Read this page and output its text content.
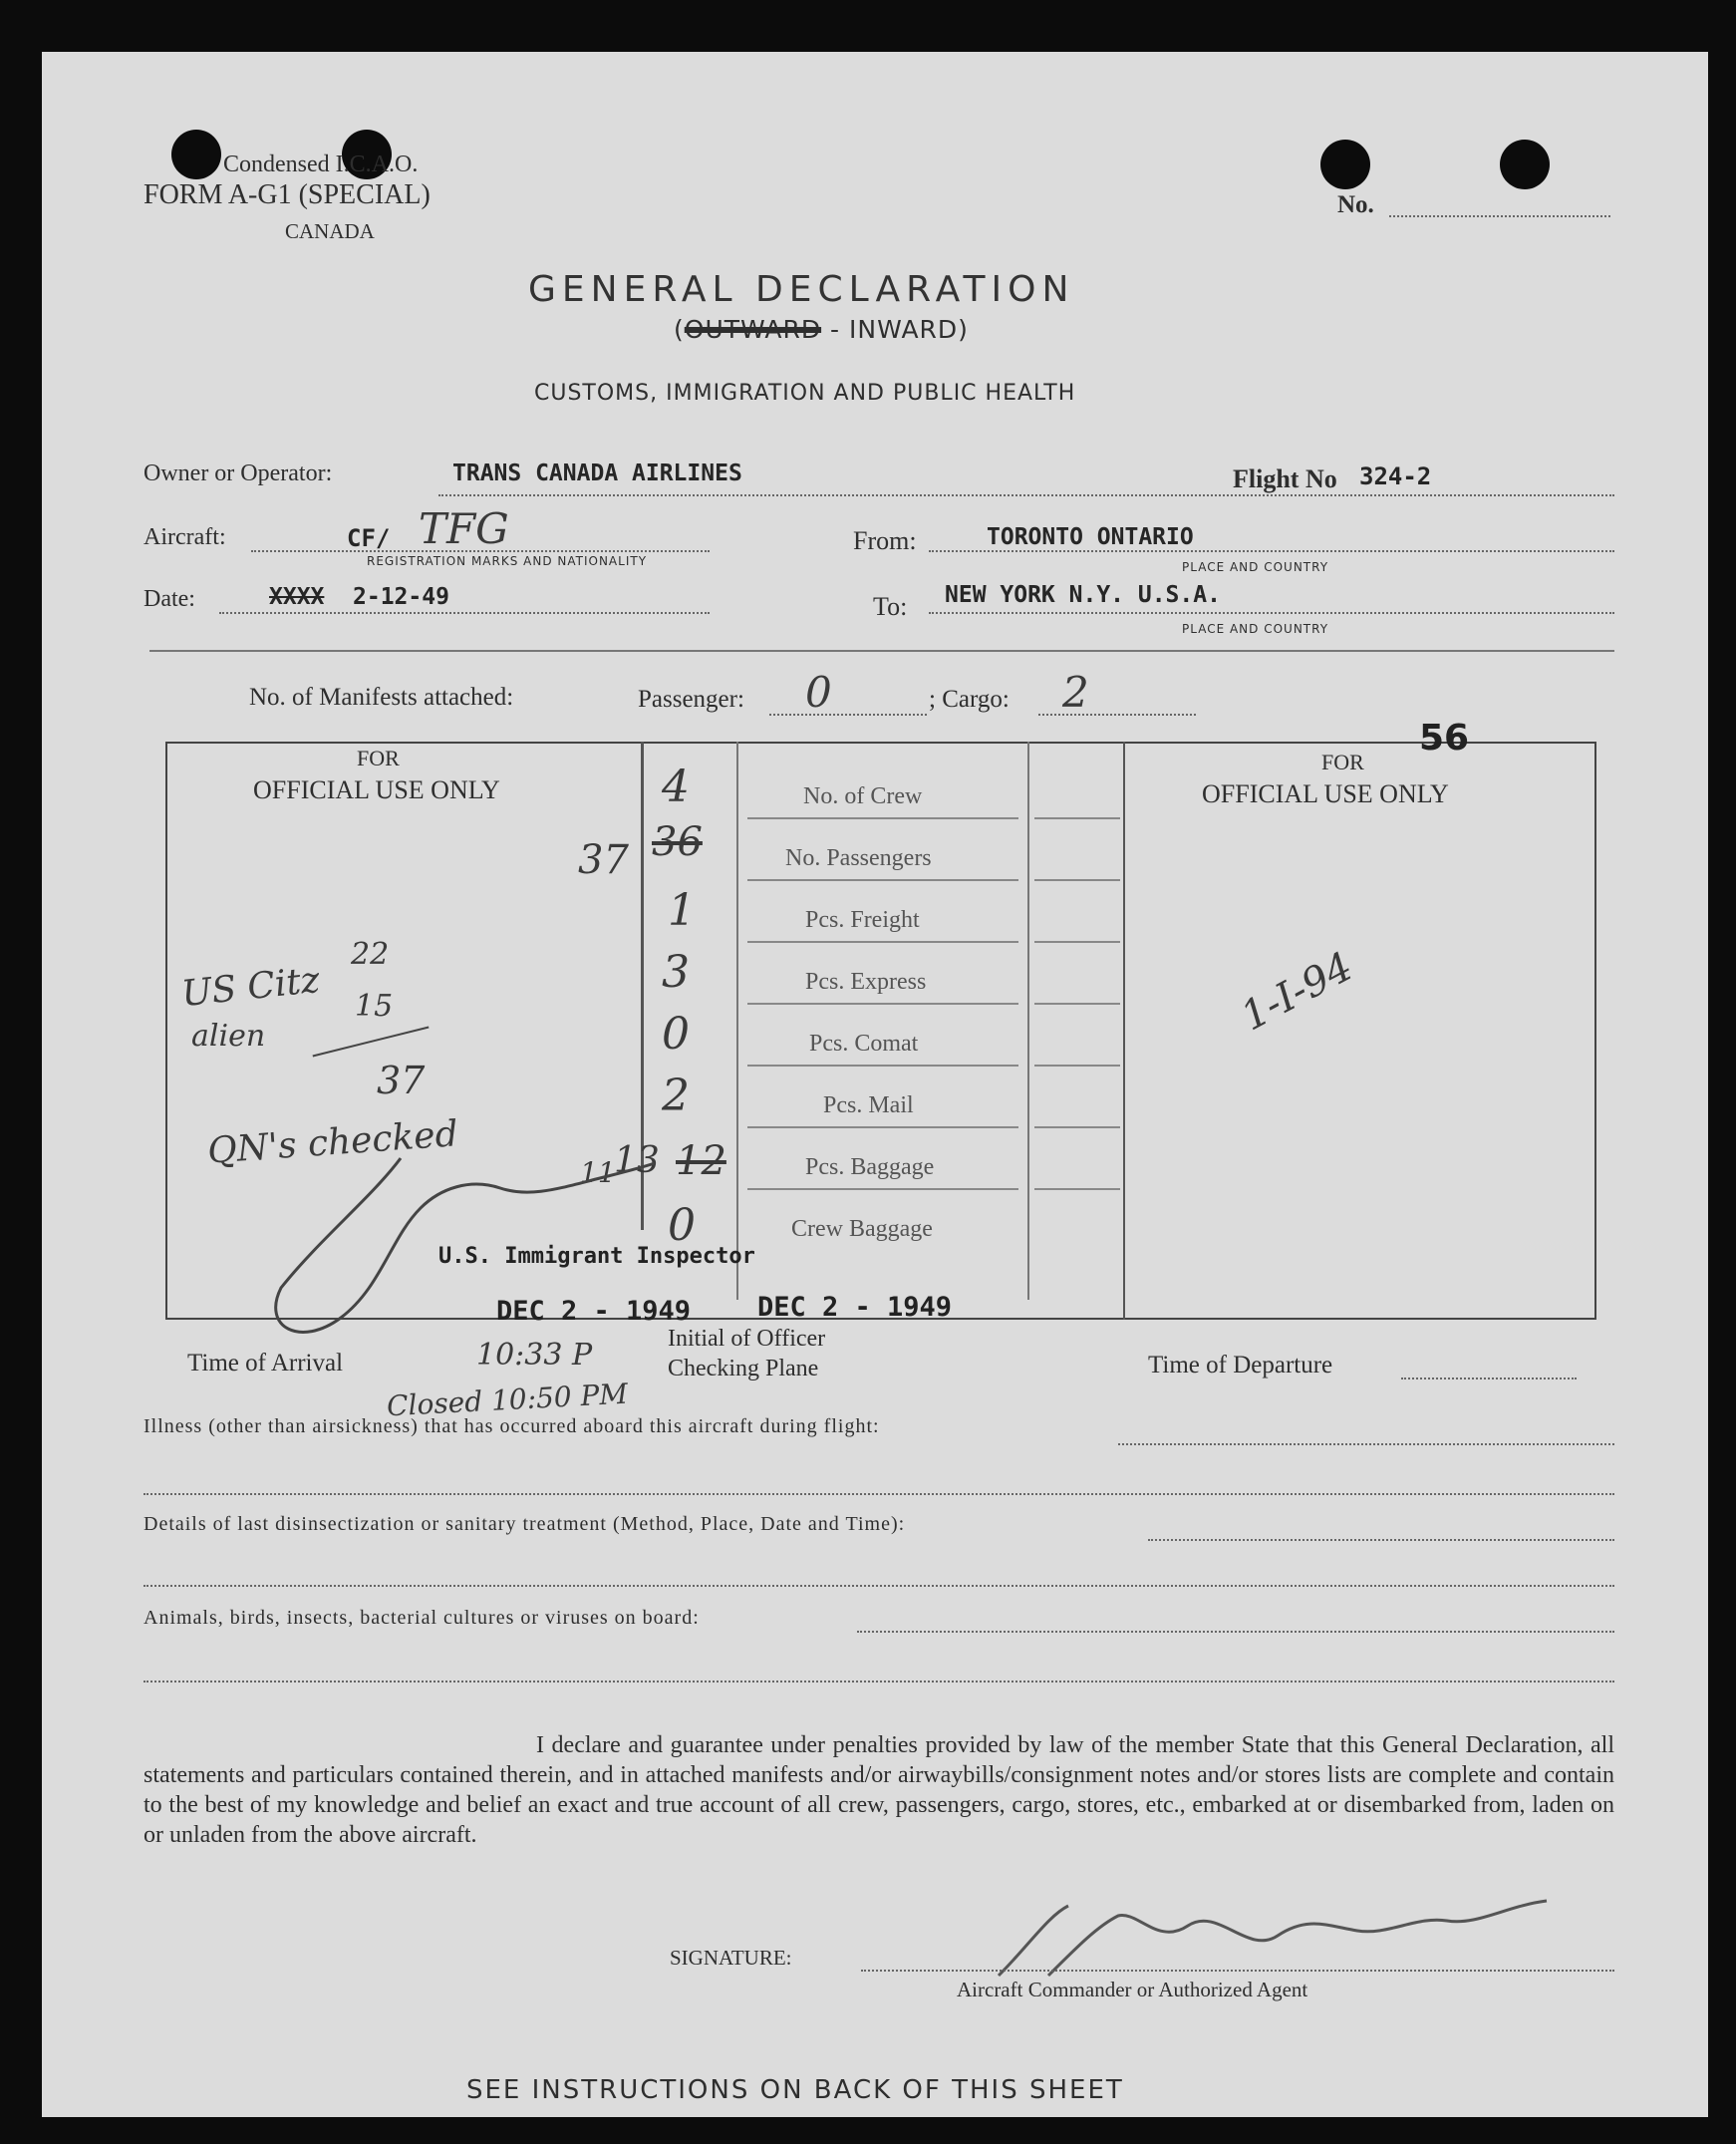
Condensed I.C.A.O.
FORM A-G1 (SPECIAL)
CANADA
No.
GENERAL DECLARATION
(OUTWARD - INWARD)
CUSTOMS, IMMIGRATION AND PUBLIC HEALTH
Owner or Operator:	TRANS CANADA AIRLINES	Flight No 324-2
Aircraft:	CF/ TFG
REGISTRATION MARKS AND NATIONALITY
From:	TORONTO ONTARIO
PLACE AND COUNTRY
Date:	XXXX 2-12-49	To: NEW YORK N.Y. U.S.A.
PLACE AND COUNTRY
No. of Manifests attached:	Passenger: 0	; Cargo: 2
FOR
OFFICIAL USE ONLY
FOR
OFFICIAL USE ONLY
56
4	No. of Crew
37 36	No. Passengers
1	Pcs. Freight
3	Pcs. Express
0	Pcs. Comat
2	Pcs. Mail
11
13 12	Pcs. Baggage
0	Crew Baggage
US Citz
22
alien
15
37
QN's checked
U.S. Immigrant Inspector
DEC 2 - 1949 DEC 2 - 1949
1-I-94
Initial of Officer
Checking Plane
Time of Arrival	10:33 P
Closed 10:50 PM
Time of Departure
Illness (other than airsickness) that has occurred aboard this aircraft during flight:
Details of last disinsectization or sanitary treatment (Method, Place, Date and Time):
Animals, birds, insects, bacterial cultures or viruses on board:
I declare and guarantee under penalties provided by law of the member State that this General Declaration, all statements and particulars contained therein, and in attached manifests and/or airwaybills/consignment notes and/or stores lists are complete and contain to the best of my knowledge and belief an exact and true account of all crew, passengers, cargo, stores, etc., embarked at or disembarked from, laden on or unladen from the above aircraft.
SIGNATURE:
Aircraft Commander or Authorized Agent
SEE INSTRUCTIONS ON BACK OF THIS SHEET
